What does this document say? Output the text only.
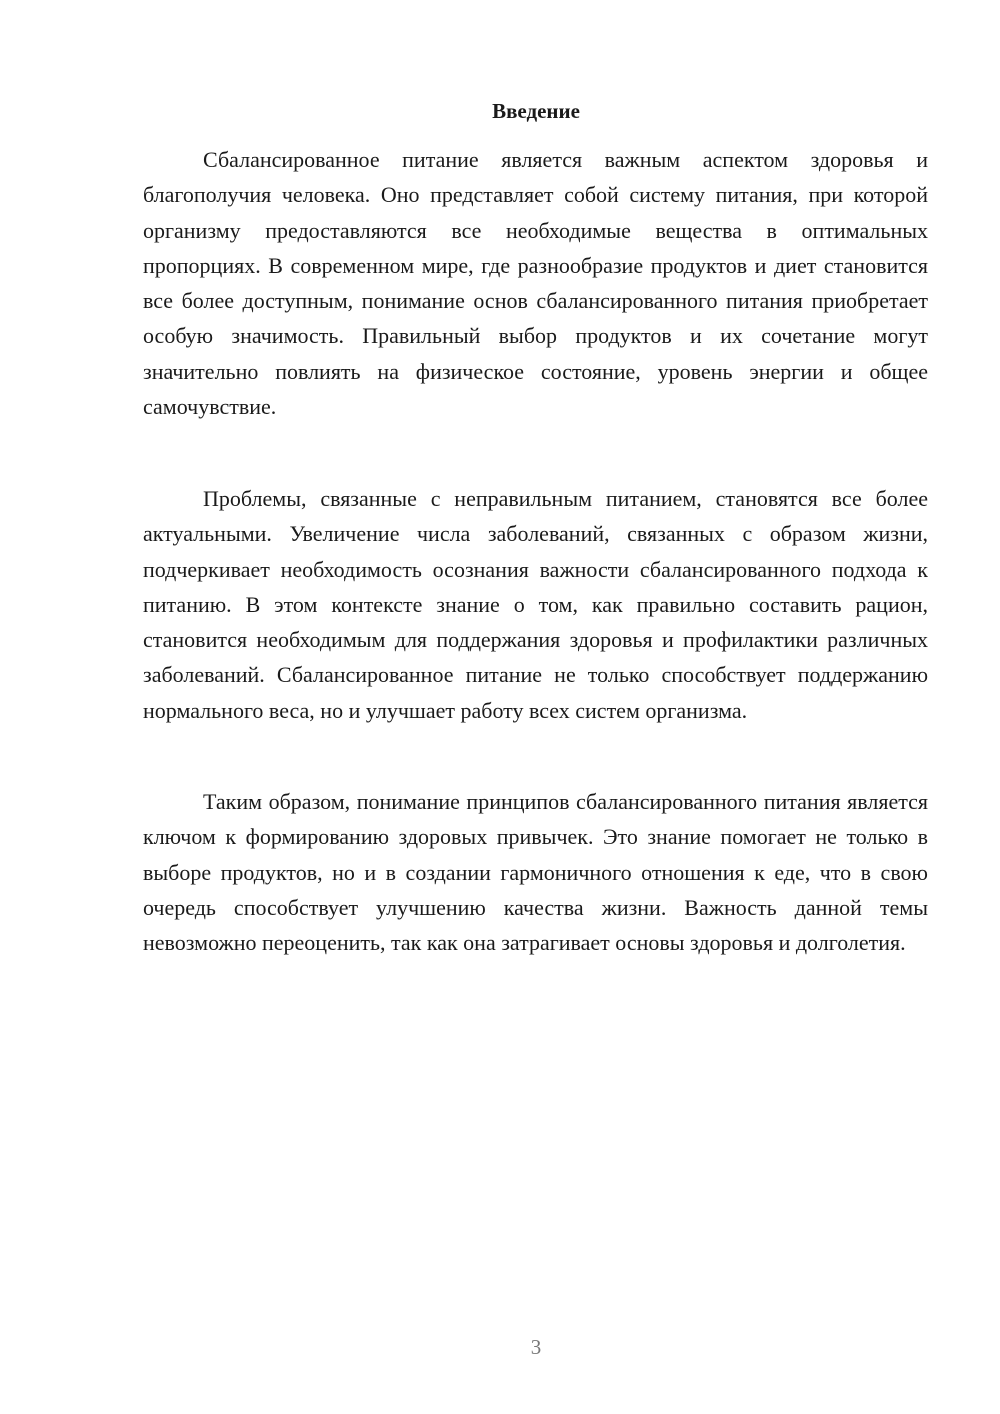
Введение

Сбалансированное питание является важным аспектом здоровья и благополучия человека. Оно представляет собой систему питания, при которой организму предоставляются все необходимые вещества в оптимальных пропорциях. В современном мире, где разнообразие продуктов и диет становится все более доступным, понимание основ сбалансированного питания приобретает особую значимость. Правильный выбор продуктов и их сочетание могут значительно повлиять на физическое состояние, уровень энергии и общее самочувствие.

Проблемы, связанные с неправильным питанием, становятся все более актуальными. Увеличение числа заболеваний, связанных с образом жизни, подчеркивает необходимость осознания важности сбалансированного подхода к питанию. В этом контексте знание о том, как правильно составить рацион, становится необходимым для поддержания здоровья и профилактики различных заболеваний. Сбалансированное питание не только способствует поддержанию нормального веса, но и улучшает работу всех систем организма.

Таким образом, понимание принципов сбалансированного питания является ключом к формированию здоровых привычек. Это знание помогает не только в выборе продуктов, но и в создании гармоничного отношения к еде, что в свою очередь способствует улучшению качества жизни. Важность данной темы невозможно переоценить, так как она затрагивает основы здоровья и долголетия.

3
